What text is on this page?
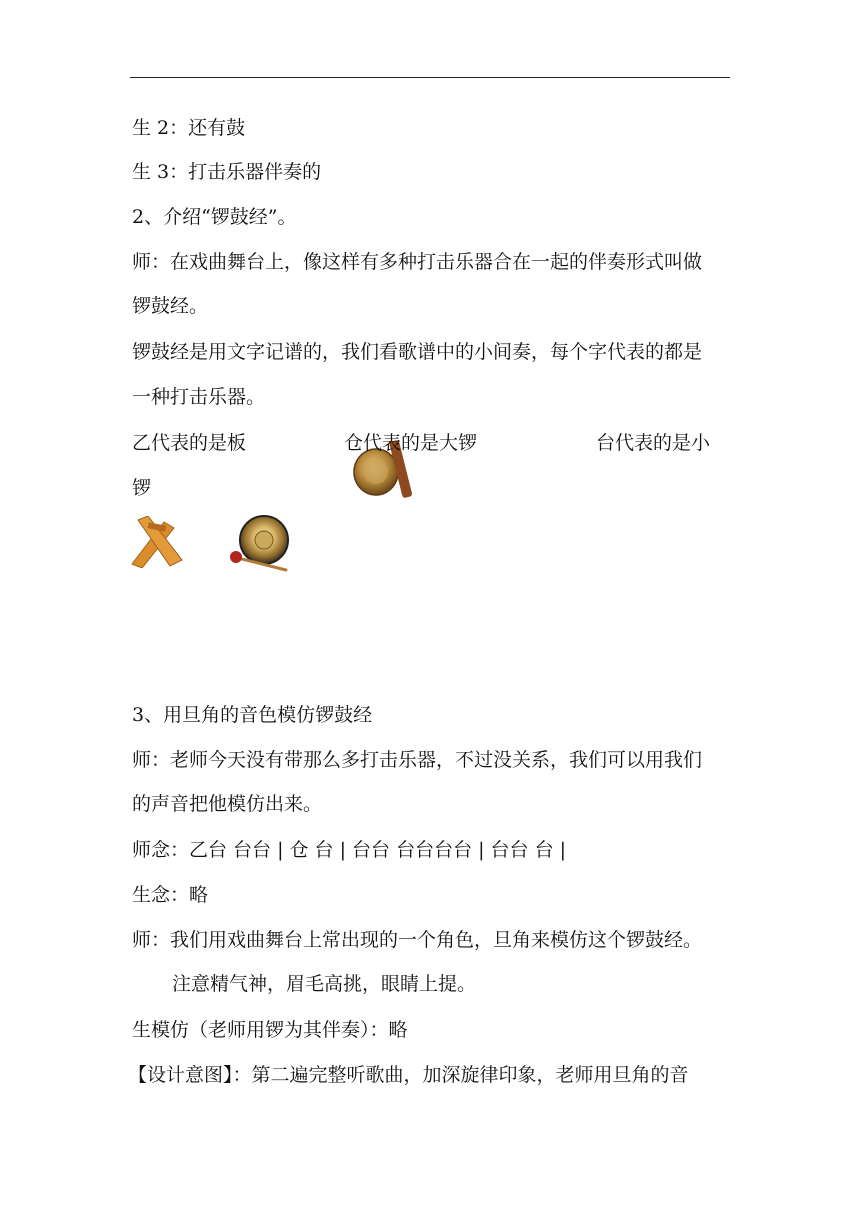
生 2：还有鼓
生 3：打击乐器伴奏的
2、介绍“锣鼓经”。
师：在戏曲舞台上，像这样有多种打击乐器合在一起的伴奏形式叫做
锣鼓经。
锣鼓经是用文字记谱的，我们看歌谱中的小间奏，每个字代表的都是
一种打击乐器。
乙代表的是板	仓代表的是大锣	台代表的是小
锣
3、用旦角的音色模仿锣鼓经
师：老师今天没有带那么多打击乐器，不过没关系，我们可以用我们
的声音把他模仿出来。
师念：乙台 台台 | 仓 台 | 台台 台台台台 | 台台 台 |
生念：略
师：我们用戏曲舞台上常出现的一个角色，旦角来模仿这个锣鼓经。
注意精气神，眉毛高挑，眼睛上提。
生模仿（老师用锣为其伴奏）：略
【设计意图】：第二遍完整听歌曲，加深旋律印象，老师用旦角的音
